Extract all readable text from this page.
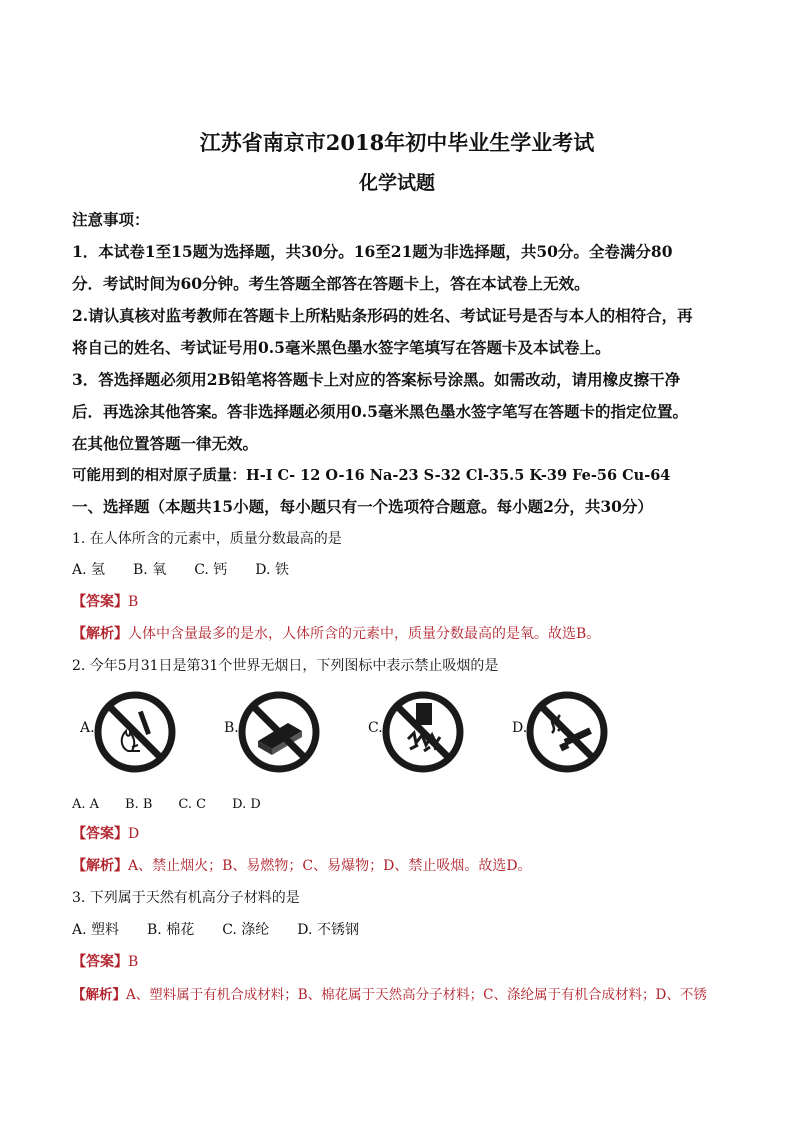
江苏省南京市2018年初中毕业生学业考试
化学试题
注意事项：
1．本试卷1至15题为选择题，共30分。16至21题为非选择题，共50分。全卷满分80
分．考试时间为60分钟。考生答题全部答在答题卡上，答在本试卷上无效。
2.请认真核对监考教师在答题卡上所粘贴条形码的姓名、考试证号是否与本人的相符合，再
将自己的姓名、考试证号用0.5毫米黑色墨水签字笔填写在答题卡及本试卷上。
3．答选择题必须用2B铅笔将答题卡上对应的答案标号涂黑。如需改动，请用橡皮擦干净
后．再选涂其他答案。答非选择题必须用0.5毫米黑色墨水签字笔写在答题卡的指定位置。
在其他位置答题一律无效。
可能用到的相对原子质量：H-I C- 12 O-16 Na-23 S-32 Cl-35.5 K-39 Fe-56 Cu-64
一、选择题（本题共15小题，每小题只有一个选项符合题意。每小题2分，共30分）
1. 在人体所含的元素中，质量分数最高的是
A. 氢　　B. 氧　　C. 钙　　D. 铁
【答案】B
【解析】人体中含量最多的是水，人体所含的元素中，质量分数最高的是氧。故选B。
2. 今年5月31日是第31个世界无烟日，下列图标中表示禁止吸烟的是
A.	B.	C.	D.
A. A　　B. B　　C. C　　D. D
【答案】D
【解析】A、禁止烟火；B、易燃物；C、易爆物；D、禁止吸烟。故选D。
3. 下列属于天然有机高分子材料的是
A. 塑料　　B. 棉花　　C. 涤纶　　D. 不锈钢
【答案】B
【解析】A、塑料属于有机合成材料；B、棉花属于天然高分子材料；C、涤纶属于有机合成材料；D、不锈
